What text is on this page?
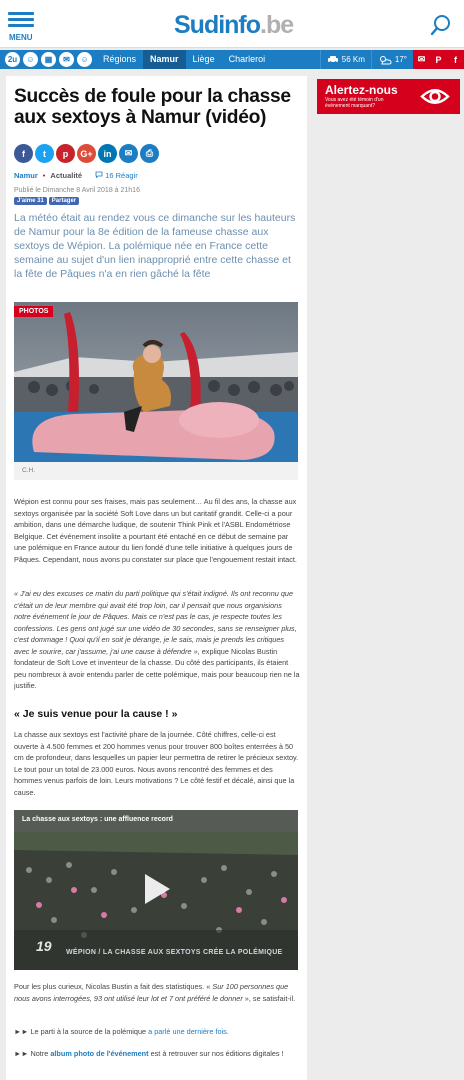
MENU	Sudinfo.be
2u	☺	▦	✉	☺	Régions	Namur	Liège	Charleroi	56 Km	17°	✉	P	f
Succès de foule pour la chasse aux sextoys à Namur (vidéo)
f	t	p	G+	in	✉	⎙
Namur • Actualité	16 Réagir
Publié le Dimanche 8 Avril 2018 à 21h16
J'aime 31	Partager

La météo était au rendez vous ce dimanche sur les hauteurs de Namur pour la 8e édition de la fameuse chasse aux sextoys de Wépion. La polémique née en France cette semaine au sujet d'un lien inapproprié entre cette chasse et la fête de Pâques n'a en rien gâché la fête

PHOTOS
C.H.

Wépion est connu pour ses fraises, mais pas seulement… Au fil des ans, la chasse aux sextoys organisée par la société Soft Love dans un but caritatif grandit. Celle-ci a pour ambition, dans une démarche ludique, de soutenir Think Pink et l'ASBL Endométriose Belgique. Cet événement insolite a pourtant été entaché en ce début de semaine par une polémique en France autour du lien fondé d'une telle initiative à quelques jours de Pâques. Cependant, nous avons pu constater sur place que l'engouement restait intact.

« J'ai eu des excuses ce matin du parti politique qui s'était indigné. Ils ont reconnu que c'était un de leur membre qui avait été trop loin, car il pensait que nous organisions notre événement le jour de Pâques. Mais ce n'est pas le cas, je respecte toutes les confessions. Les gens ont jugé sur une vidéo de 30 secondes, sans se renseigner plus, c'est dommage ! Quoi qu'il en soit je dérange, je le sais, mais je prends les critiques avec le sourire, car j'assume, j'ai une cause à défendre », explique Nicolas Bustin fondateur de Soft Love et inventeur de la chasse. Du côté des participants, ils étaient peu nombreux à avoir entendu parler de cette polémique, mais pour beaucoup rien ne la justifie.

« Je suis venue pour la cause ! »

La chasse aux sextoys est l'activité phare de la journée. Côté chiffres, celle-ci est ouverte à 4.500 femmes et 200 hommes venus pour trouver 800 boîtes enterrées à 50 cm de profondeur, dans lesquelles un papier leur permettra de retirer le précieux sextoy. Le tout pour un total de 23.000 euros. Nous avons rencontré des femmes et des hommes venus parfois de loin. Leurs motivations ? Le côté festif et décalé, ainsi que la cause.

La chasse aux sextoys : une affluence record
19 WÉPION / LA CHASSE AUX SEXTOYS CRÉE LA POLÉMIQUE

Pour les plus curieux, Nicolas Bustin a fait des statistiques. « Sur 100 personnes que nous avons interrogées, 93 ont utilisé leur lot et 7 ont préféré le donner », se satisfait-il.

►► Le parti à la source de la polémique a parlé une dernière fois.

►► Notre album photo de l'événement est à retrouver sur nos éditions digitales !

Alertez-nous
Vous avez été témoin d'un événement marquant?
